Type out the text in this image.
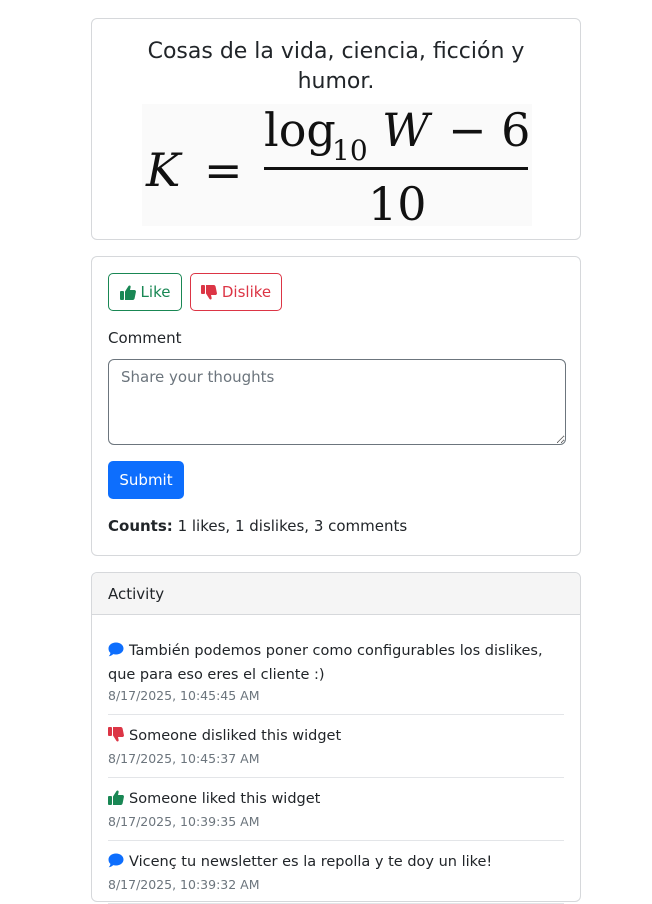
Cosas de la vida, ciencia, ficción y humor.
K =
log
10 W − 6
10
Like	Dislike
Comment
Share your thoughts
Submit
Counts: 1 likes, 1 dislikes, 3 comments
Activity
También podemos poner como configurables los dislikes, que para eso eres el cliente :)
8/17/2025, 10:45:45 AM
Someone disliked this widget
8/17/2025, 10:45:37 AM
Someone liked this widget
8/17/2025, 10:39:35 AM
Vicenç tu newsletter es la repolla y te doy un like!
8/17/2025, 10:39:32 AM
